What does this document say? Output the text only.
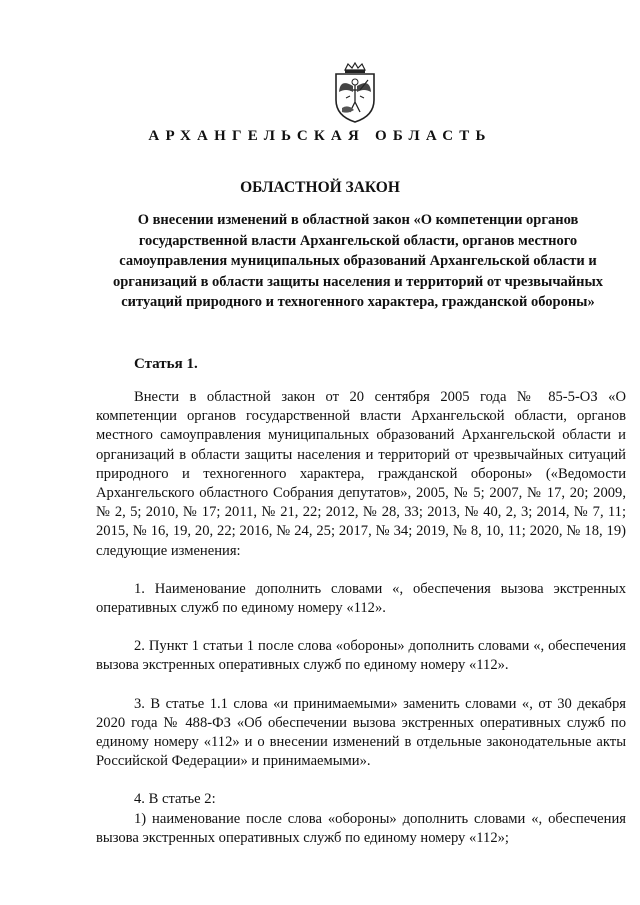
АРХАНГЕЛЬСКАЯ ОБЛАСТЬ
ОБЛАСТНОЙ ЗАКОН
О внесении изменений в областной закон «О компетенции органов государственной власти Архангельской области, органов местного самоуправления муниципальных образований Архангельской области и организаций в области защиты населения и территорий от чрезвычайных ситуаций природного и техногенного характера, гражданской обороны»
Статья 1.

Внести в областной закон от 20 сентября 2005 года № 85-5-ОЗ «О компетенции органов государственной власти Архангельской области, органов местного самоуправления муниципальных образований Архангельской области и организаций в области защиты населения и территорий от чрезвычайных ситуаций природного и техногенного характера, гражданской обороны» («Ведомости Архангельского областного Собрания депутатов», 2005, № 5; 2007, № 17, 20; 2009, № 2, 5; 2010, № 17; 2011, № 21, 22; 2012, № 28, 33; 2013, № 40, 2, 3; 2014, № 7, 11; 2015, № 16, 19, 20, 22; 2016, № 24, 25; 2017, № 34; 2019, № 8, 10, 11; 2020, № 18, 19) следующие изменения:

1. Наименование дополнить словами «, обеспечения вызова экстренных оперативных служб по единому номеру «112».

2. Пункт 1 статьи 1 после слова «обороны» дополнить словами «, обеспечения вызова экстренных оперативных служб по единому номеру «112».

3. В статье 1.1 слова «и принимаемыми» заменить словами «, от 30 декабря 2020 года № 488-ФЗ «Об обеспечении вызова экстренных оперативных служб по единому номеру «112» и о внесении изменений в отдельные законодательные акты Российской Федерации» и принимаемыми».

4. В статье 2:

1) наименование после слова «обороны» дополнить словами «, обеспечения вызова экстренных оперативных служб по единому номеру «112»;
